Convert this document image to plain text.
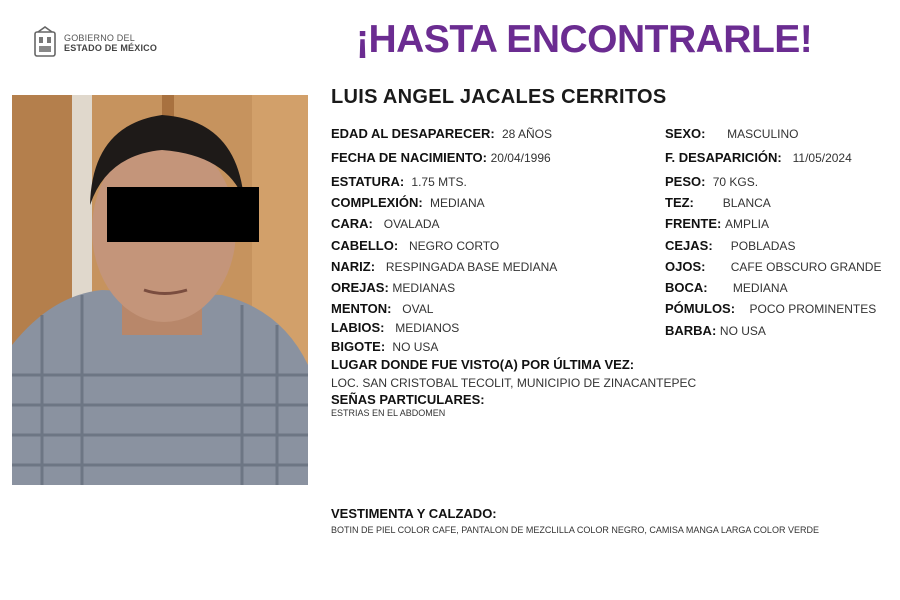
GOBIERNO DEL
ESTADO DE MÉXICO	¡HASTA ENCONTRARLE!
LUIS ANGEL JACALES CERRITOS
EDAD AL DESAPARECER: 28 AÑOS
FECHA DE NACIMIENTO: 20/04/1996
ESTATURA: 1.75 MTS.
COMPLEXIÓN: MEDIANA
CARA: OVALADA
CABELLO: NEGRO CORTO
NARIZ: RESPINGADA BASE MEDIANA
OREJAS: MEDIANAS
MENTON: OVAL
LABIOS: MEDIANOS
BIGOTE: NO USA
SEXO: MASCULINO
F. DESAPARICIÓN: 11/05/2024
PESO: 70 KGS.
TEZ: BLANCA
FRENTE: AMPLIA
CEJAS: POBLADAS
OJOS: CAFE OBSCURO GRANDE
BOCA: MEDIANA
PÓMULOS: POCO PROMINENTES
BARBA: NO USA
LUGAR DONDE FUE VISTO(A) POR ÚLTIMA VEZ:
LOC. SAN CRISTOBAL TECOLIT, MUNICIPIO DE ZINACANTEPEC
SEÑAS PARTICULARES:
ESTRIAS EN EL ABDOMEN
VESTIMENTA Y CALZADO:
BOTIN DE PIEL COLOR CAFE, PANTALON DE MEZCLILLA COLOR NEGRO, CAMISA MANGA LARGA COLOR VERDE
